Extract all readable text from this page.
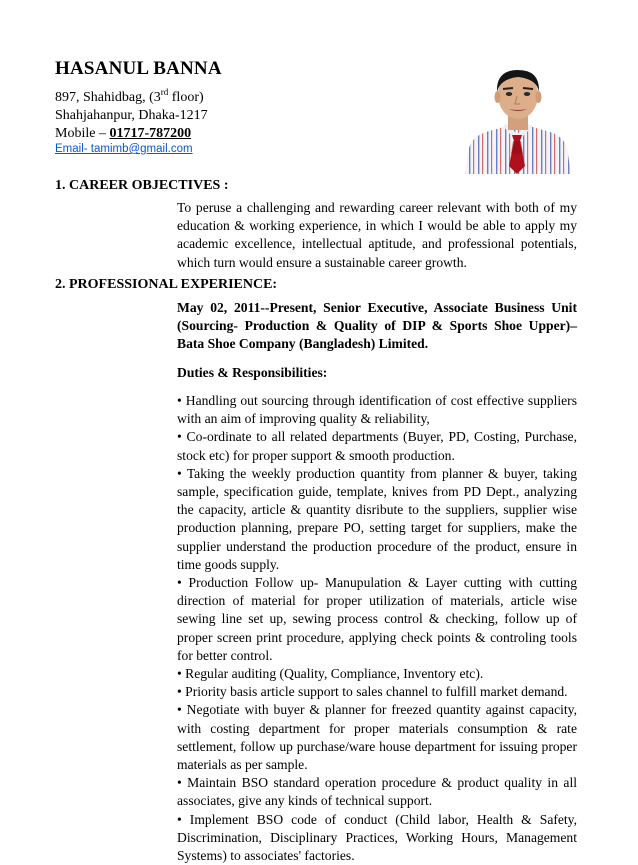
HASANUL BANNA
897, Shahidbag, (3rd floor)
Shahjahanpur, Dhaka-1217
Mobile – 01717-787200
Email- tamimb@gmail.com
1. CAREER OBJECTIVES :
To peruse a challenging and rewarding career relevant with both of my education & working experience, in which I would be able to apply my academic excellence, intellectual aptitude, and professional potentials, which turn would ensure a sustainable career growth.
2. PROFESSIONAL EXPERIENCE:
May 02, 2011--Present, Senior Executive, Associate Business Unit (Sourcing- Production & Quality of DIP & Sports Shoe Upper)– Bata Shoe Company (Bangladesh) Limited.
Duties & Responsibilities:

• Handling out sourcing through identification of cost effective suppliers with an aim of improving quality & reliability,

• Co-ordinate to all related departments (Buyer, PD, Costing, Purchase, stock etc) for proper support & smooth production.

• Taking the weekly production quantity from planner & buyer, taking sample, specification guide, template, knives from PD Dept., analyzing the capacity, article & quantity disribute to the suppliers, supplier wise production planning, prepare PO, setting target for suppliers, make the supplier understand the production procedure of the product, ensure in time goods supply.

• Production Follow up- Manupulation & Layer cutting with cutting direction of material for proper utilization of materials, article wise sewing line set up, sewing process control & checking, follow up of proper screen print procedure, applying check points & controling tools for better control.

• Regular auditing (Quality, Compliance, Inventory etc).

• Priority basis article support to sales channel to fulfill market demand.

• Negotiate with buyer & planner for freezed quantity against capacity, with costing department for proper materials consumption & rate settlement, follow up purchase/ware house department for issuing proper materials as per sample.

• Maintain BSO standard operation procedure & product quality in all associates, give any kinds of technical support.

• Implement BSO code of conduct (Child labor, Health & Safety, Discrimination, Disciplinary Practices, Working Hours, Management Systems) to associates' factories.
